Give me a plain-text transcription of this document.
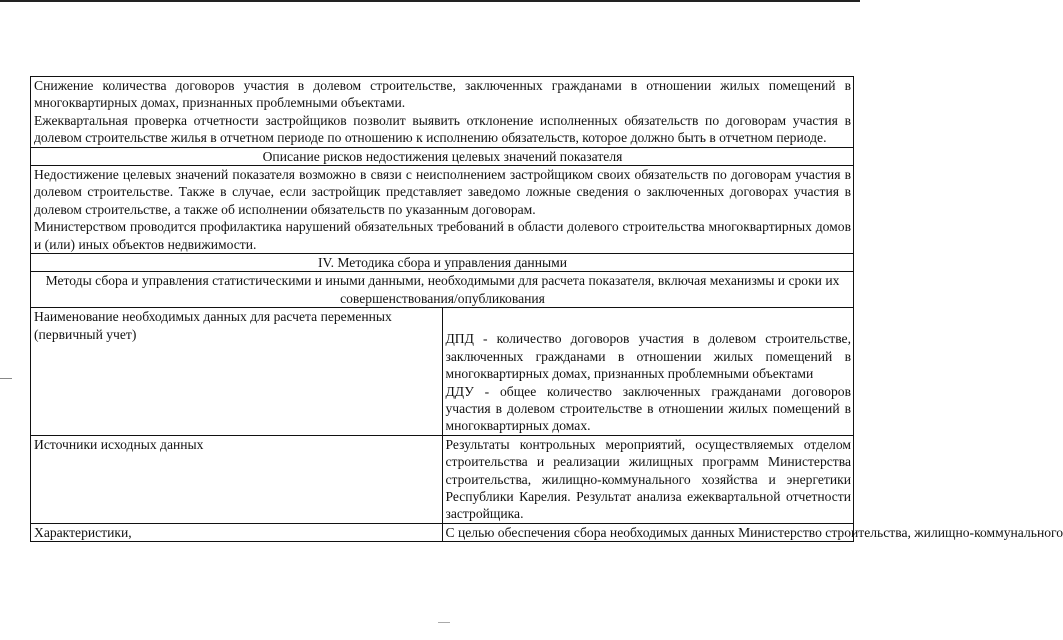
Снижение количества договоров участия в долевом строительстве, заключенных гражданами в отношении жилых помещений в многоквартирных домах, признанных проблемными объектами.

Ежеквартальная проверка отчетности застройщиков позволит выявить отклонение исполненных обязательств по договорам участия в долевом строительстве жилья в отчетном периоде по отношению к исполнению обязательств, которое должно быть в отчетном периоде.	

Описание рисков недостижения целевых значений показателя	

Недостижение целевых значений показателя возможно в связи с неисполнением застройщиком своих обязательств по договорам участия в долевом строительстве. Также в случае, если застройщик представляет заведомо ложные сведения о заключенных договорах участия в долевом строительстве, а также об исполнении обязательств по указанным договорам.

Министерством проводится профилактика нарушений обязательных требований в области долевого строительства многоквартирных домов и (или) иных объектов недвижимости.	

IV. Методика сбора и управления данными	
Методы сбора и управления статистическими и иными данными, необходимыми для расчета показателя, включая механизмы и сроки их совершенствования/опубликования	
Наименование необходимых данных для расчета переменных (первичный учет)	ДПД - количество договоров участия в долевом строительстве, заключенных гражданами в отношении жилых помещений в многоквартирных домах, признанных проблемными объектами

ДДУ - общее количество заключенных гражданами договоров участия в долевом строительстве в отношении жилых помещений в многоквартирных домах.

Источники исходных данных	Результаты контрольных мероприятий, осуществляемых отделом строительства и реализации жилищных программ Министерства строительства, жилищно-коммунального хозяйства и энергетики Республики Карелия. Результат анализа ежеквартальной отчетности застройщика.

Характеристики,	С целью обеспечения сбора необходимых данных Министерство строительства, жилищно-коммунального
